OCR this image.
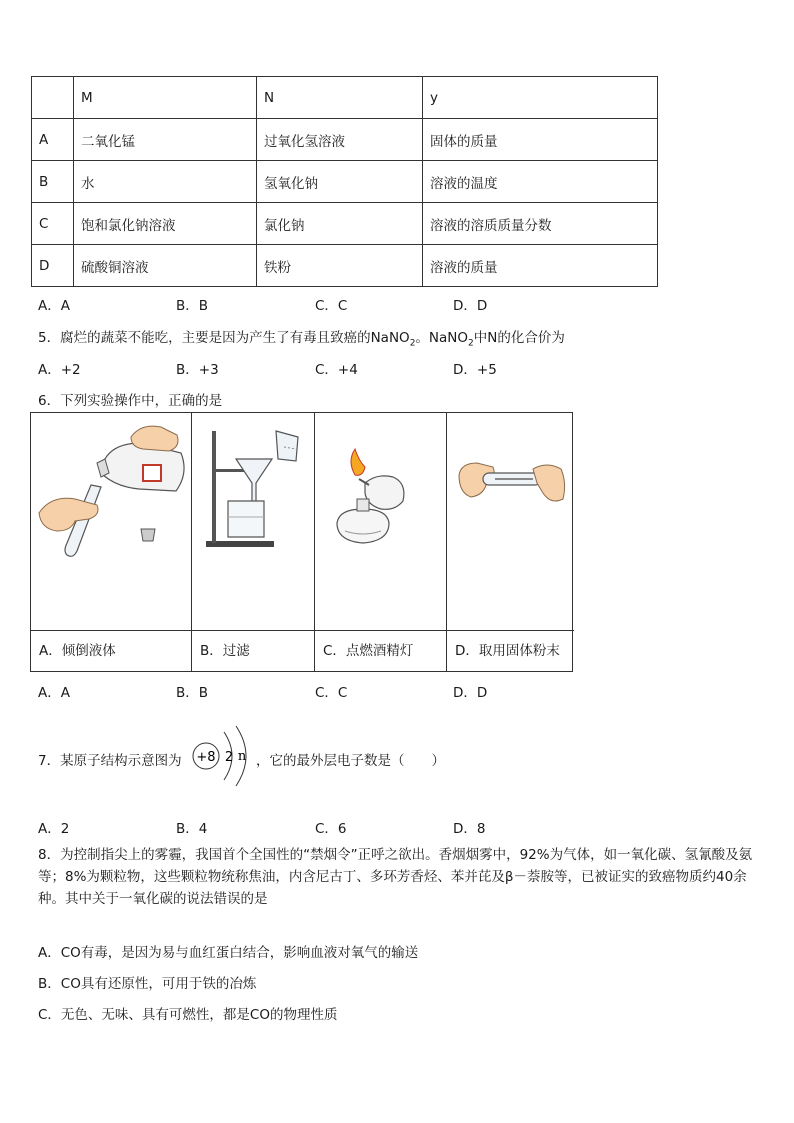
	M	N	y
A	二氧化锰	过氧化氢溶液	固体的质量
B	水	氢氧化钠	溶液的温度
C	饱和氯化钠溶液	氯化钠	溶液的溶质质量分数
D	硫酸铜溶液	铁粉	溶液的质量
A．A	B．B	C．C	D．D
5．腐烂的蔬菜不能吃，主要是因为产生了有毒且致癌的NaNO$_2$。NaNO$_2$中N的化合价为
A．+2	B．+3	C．+4	D．+5
6．下列实验操作中，正确的是
A．倾倒液体	B．过滤	C．点燃酒精灯	D．取用固体粉末
A．A	B．B	C．C	D．D
7．某原子结构示意图为 +8 2 n ，它的最外层电子数是（　　）
A．2	B．4	C．6	D．8
8．为控制指尖上的雾霾，我国首个全国性的“禁烟令”正呼之欲出。香烟烟雾中，92%为气体，如一氧化碳、氢氰酸及氨等；8%为颗粒物，这些颗粒物统称焦油，内含尼古丁、多环芳香烃、苯并芘及β－萘胺等，已被证实的致癌物质约40余种。其中关于一氧化碳的说法错误的是
A．CO有毒，是因为易与血红蛋白结合，影响血液对氧气的输送
B．CO具有还原性，可用于铁的冶炼
C．无色、无味、具有可燃性，都是CO的物理性质
